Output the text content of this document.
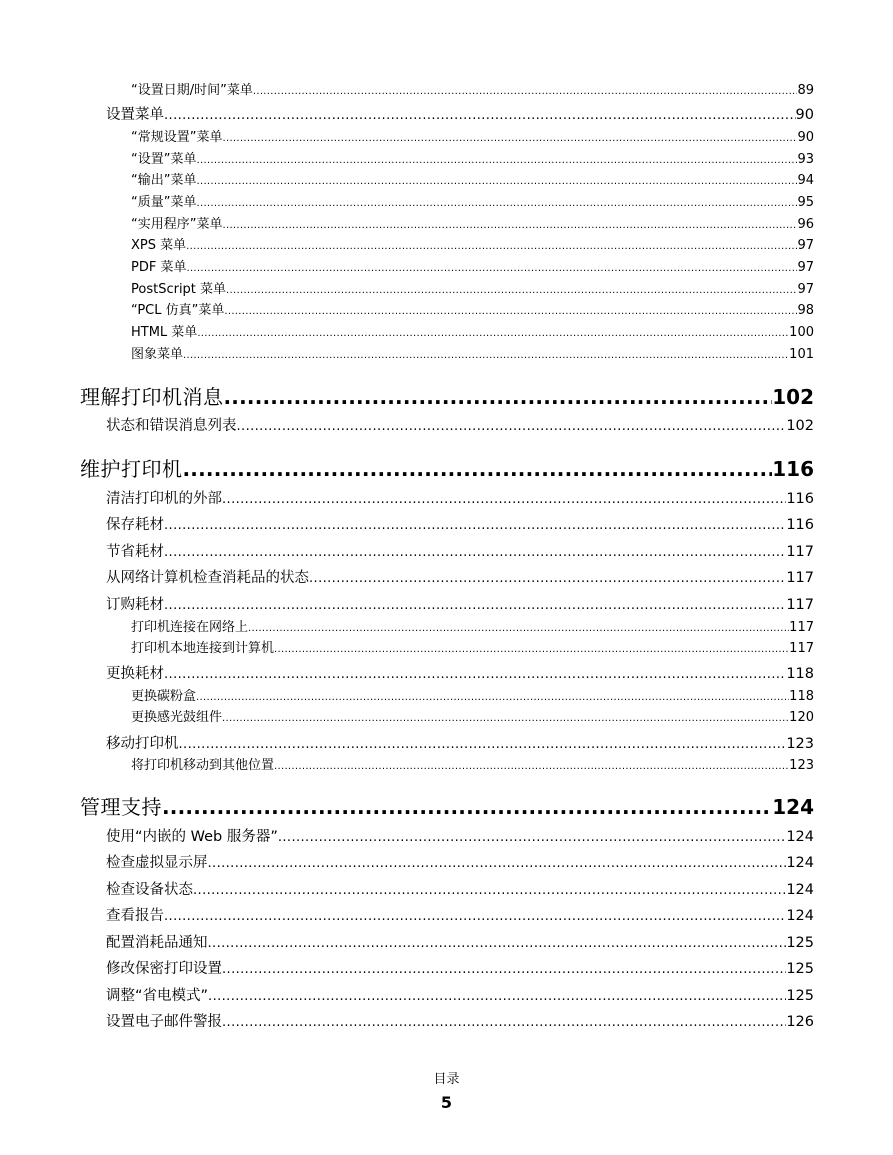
“设置日期/时间”菜单 .....	89
设置菜单 .....	90
“常规设置”菜单 .....	90
“设置”菜单 .....	93
“输出”菜单 .....	94
“质量”菜单 .....	95
“实用程序”菜单 .....	96
XPS 菜单 .....	97
PDF 菜单 .....	97
PostScript 菜单 .....	97
“PCL 仿真”菜单 .....	98
HTML 菜单 .....	100
图象菜单 .....	101
理解打印机消息 .....	102
状态和错误消息列表 .....	102
维护打印机 .....	116
清洁打印机的外部 .....	116
保存耗材 .....	116
节省耗材 .....	117
从网络计算机检查消耗品的状态 .....	117
订购耗材 .....	117
打印机连接在网络上 .....	117
打印机本地连接到计算机 .....	117
更换耗材 .....	118
更换碳粉盒 .....	118
更换感光鼓组件 .....	120
移动打印机 .....	123
将打印机移动到其他位置 .....	123
管理支持 .....	124
使用“内嵌的 Web 服务器” .....	124
检查虚拟显示屏 .....	124
检查设备状态 .....	124
查看报告 .....	124
配置消耗品通知 .....	125
修改保密打印设置 .....	125
调整“省电模式” .....	125
设置电子邮件警报 .....	126
目录
5
